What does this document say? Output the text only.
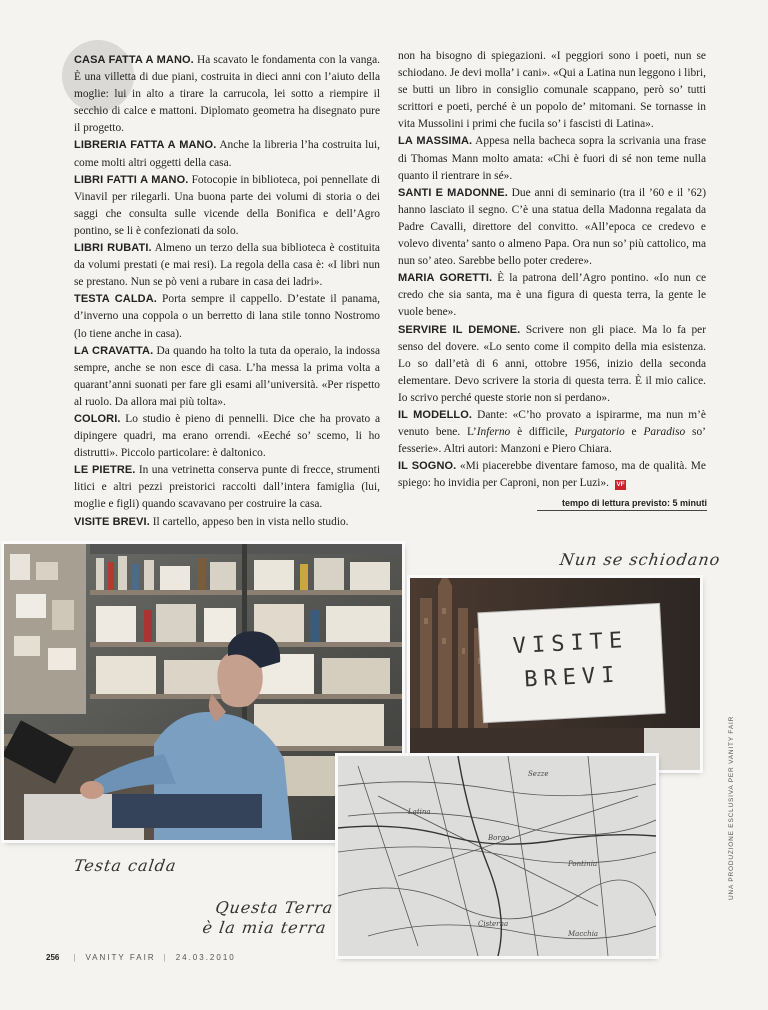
CASA FATTA A MANO. Ha scavato le fondamenta con la vanga. È una villetta di due piani, costruita in dieci anni con l’aiuto della moglie: lui in alto a tirare la carrucola, lei sotto a riempire il secchio di calce e mattoni. Diplomato geometra ha disegnato pure il progetto.

LIBRERIA FATTA A MANO. Anche la libreria l’ha costruita lui, come molti altri oggetti della casa.

LIBRI FATTI A MANO. Fotocopie in biblioteca, poi pennellate di Vinavil per rilegarli. Una buona parte dei volumi di storia o dei saggi che consulta sulle vicende della Bonifica e dell’Agro pontino, se li è confezionati da solo.

LIBRI RUBATI. Almeno un terzo della sua biblioteca è costituita da volumi prestati (e mai resi). La regola della casa è: «I libri nun se prestano. Nun se pò veni a rubare in casa dei ladri».

TESTA CALDA. Porta sempre il cappello. D’estate il panama, d’inverno una coppola o un berretto di lana stile tonno Nostromo (lo tiene anche in casa).

LA CRAVATTA. Da quando ha tolto la tuta da operaio, la indossa sempre, anche se non esce di casa. L’ha messa la prima volta a quarant’anni suonati per fare gli esami all’università. «Per rispetto al ruolo. Da allora mai più tolta».

COLORI. Lo studio è pieno di pennelli. Dice che ha provato a dipingere quadri, ma erano orrendi. «Eeché so’ scemo, li ho distrutti». Piccolo particolare: è daltonico.

LE PIETRE. In una vetrinetta conserva punte di frecce, strumenti litici e altri pezzi preistorici raccolti dall’intera famiglia (lui, moglie e figli) quando scavavano per costruire la casa.

VISITE BREVI. Il cartello, appeso ben in vista nello studio.

non ha bisogno di spiegazioni. «I peggiori sono i poeti, nun se schiodano. Je devi molla’ i cani». «Qui a Latina nun leggono i libri, se butti un libro in consiglio comunale scappano, però so’ tutti scrittori e poeti, perché è un popolo de’ mitomani. Se tornasse in vita Mussolini i primi che fucila so’ i fascisti di Latina».

LA MASSIMA. Appesa nella bacheca sopra la scrivania una frase di Thomas Mann molto amata: «Chi è fuori di sé non teme nulla quanto il rientrare in sé».

SANTI E MADONNE. Due anni di seminario (tra il ’60 e il ’62) hanno lasciato il segno. C’è una statua della Madonna regalata da Padre Cavalli, direttore del convitto. «All’epoca ce credevo e volevo diventa’ santo o almeno Papa. Ora nun so’ più cattolico, ma nun so’ ateo. Sarebbe bello poter credere».

MARIA GORETTI. È la patrona dell’Agro pontino. «Io nun ce credo che sia santa, ma è una figura di questa terra, la gente le vuole bene».

SERVIRE IL DEMONE. Scrivere non gli piace. Ma lo fa per senso del dovere. «Lo sento come il compito della mia esistenza. Lo so dall’età di 6 anni, ottobre 1956, inizio della seconda elementare. Devo scrivere la storia di questa terra. È il mio calice. Io scrivo perché queste storie non si perdano».

IL MODELLO. Dante: «C’ho provato a ispirarme, ma nun m’è venuto bene. L’Inferno è difficile, Purgatorio e Paradiso so’ fesserie». Altri autori: Manzoni e Piero Chiara.

IL SOGNO. «Mi piacerebbe diventare famoso, ma de qualità. Me spiego: ho invidia per Caproni, non per Luzi». VF

tempo di lettura previsto: 5 minuti
VISITE
BREVI
Sezze
Latina
Borgo
Pontinia
Macchia
Cisterna
Nun se schiodano
Testa calda
Questa Terra
è la mia terra
256 | VANITY FAIR | 24.03.2010
UNA PRODUZIONE ESCLUSIVA PER VANITY FAIR
